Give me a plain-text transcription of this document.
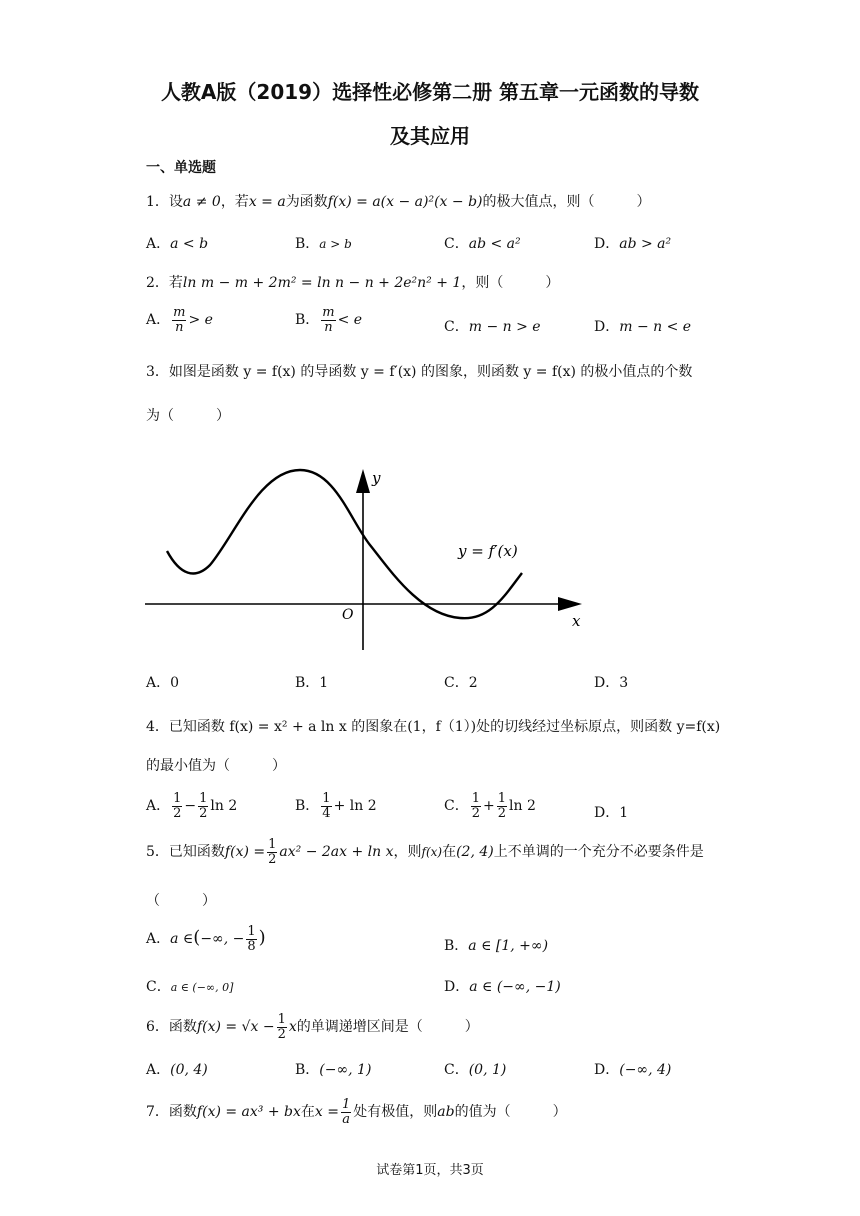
人教A版（2019）选择性必修第二册 第五章一元函数的导数
及其应用
一、单选题
1．设a ≠ 0，若x = a为函数f(x) = a(x − a)²(x − b)的极大值点，则（　　　）
A．a < b	B．a > b	C．ab < a²	D．ab > a²
2．若ln m − m + 2m² = ln n − n + 2e²n² + 1，则（　　　）
A． $\frac{m}{n} > e$	B． $\frac{m}{n} < e$	C．m − n > e	D．m − n < e
3．如图是函数 y = f(x) 的导函数 y = f′(x) 的图象，则函数 y = f(x) 的极小值点的个数
为（　　　）
y
x
O
y = f′(x)
A．0	B．1	C．2	D．3
4．已知函数 f(x) = x² + a ln x 的图象在(1，f（1）)处的切线经过坐标原点，则函数 y=f(x)
的最小值为（　　　）
A． $\frac{1}{2} - \frac{1}{2}$ ln 2	B． $\frac{1}{4} + \ln 2$	C． $\frac{1}{2} + \frac{1}{2}$ ln 2	D．1
5．已知函数$f(x) = \frac{1}{2} ax^2 - 2ax + \ln x$，则f(x)在(2, 4)上不单调的一个充分不必要条件是
（　　　）
A．a ∈(−∞, − $\frac{1}{8}$ )	B．a ∈ [1, +∞)
C．a ∈ (−∞, 0]	D．a ∈ (−∞, −1)
6．函数$f(x) = √x - \frac{1}{2}$ x的单调递增区间是（　　　）
A．(0, 4)	B．(−∞, 1)	C．(0, 1)	D．(−∞, 4)
7．函数f(x) = ax³ + bx在$x = \frac{1}{a}$ 处有极值，则ab的值为（　　　）
试卷第1页，共3页
